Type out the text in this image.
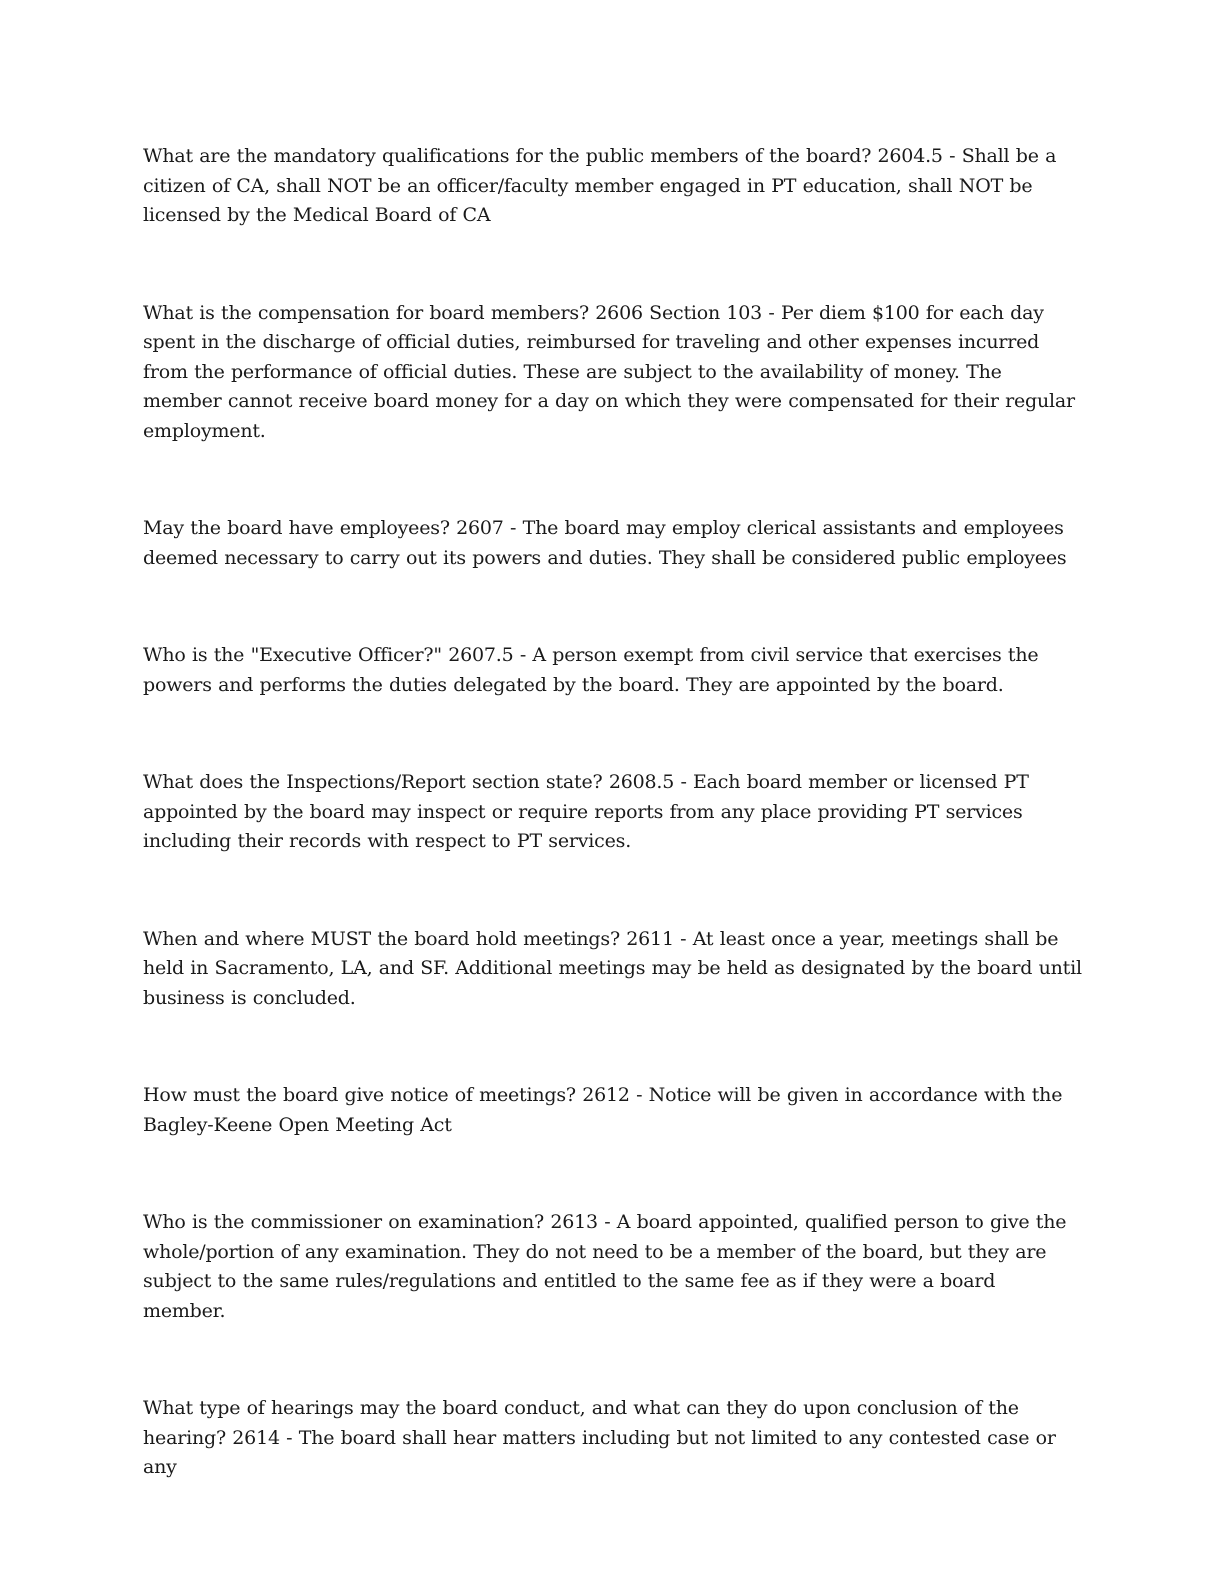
What are the mandatory qualifications for the public members of the board? 2604.5 - Shall be a citizen of CA, shall NOT be an officer/faculty member engaged in PT education, shall NOT be licensed by the Medical Board of CA

What is the compensation for board members? 2606 Section 103 - Per diem $100 for each day spent in the discharge of official duties, reimbursed for traveling and other expenses incurred from the performance of official duties. These are subject to the availability of money. The member cannot receive board money for a day on which they were compensated for their regular employment.

May the board have employees? 2607 - The board may employ clerical assistants and employees deemed necessary to carry out its powers and duties. They shall be considered public employees

Who is the "Executive Officer?" 2607.5 - A person exempt from civil service that exercises the powers and performs the duties delegated by the board. They are appointed by the board.

What does the Inspections/Report section state? 2608.5 - Each board member or licensed PT appointed by the board may inspect or require reports from any place providing PT services including their records with respect to PT services.

When and where MUST the board hold meetings? 2611 - At least once a year, meetings shall be held in Sacramento, LA, and SF. Additional meetings may be held as designated by the board until business is concluded.

How must the board give notice of meetings? 2612 - Notice will be given in accordance with the Bagley-Keene Open Meeting Act

Who is the commissioner on examination? 2613 - A board appointed, qualified person to give the whole/portion of any examination. They do not need to be a member of the board, but they are subject to the same rules/regulations and entitled to the same fee as if they were a board member.

What type of hearings may the board conduct, and what can they do upon conclusion of the hearing? 2614 - The board shall hear matters including but not limited to any contested case or any
